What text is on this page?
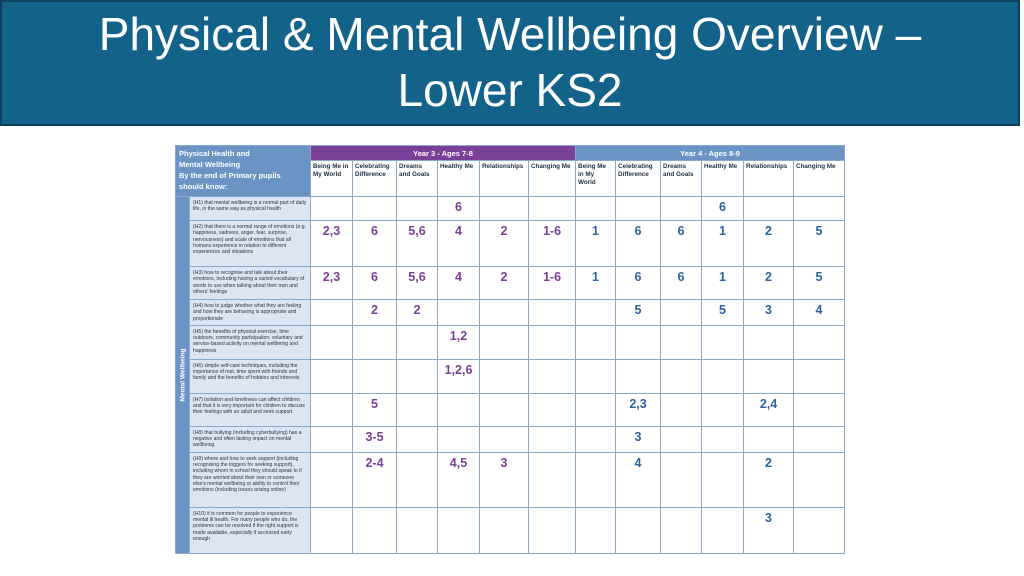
Physical & Mental Wellbeing Overview –
Lower KS2
Physical Health and
Mental Wellbeing
By the end of Primary pupils
should know:		Year 3 - Ages 7-8						Year 4 - Ages 8-9					
		Being Me in My World	Celebrating Difference	Dreams and Goals	Healthy Me	Relationships	Changing Me	Being Me in My World	Celebrating Difference	Dreams and Goals	Healthy Me	Relationships	Changing Me

Mental Wellbeing	(H1) that mental wellbeing is a normal part of daily life, in the same way as physical health				6						6		
	(H2) that there is a normal range of emotions (e.g. happiness, sadness, anger, fear, surprise, nervousness) and scale of emotions that all humans experience in relation to different experiences and situations	2,3	6	5,6	4	2	1-6	1	6	6	1	2	5
	(H3) how to recognise and talk about their emotions, including having a varied vocabulary of words to use when talking about their own and others' feelings	2,3	6	5,6	4	2	1-6	1	6	6	1	2	5
	(H4) how to judge whether what they are feeling and how they are behaving is appropriate and proportionate		2	2					5		5	3	4
	(H5) the benefits of physical exercise, time outdoors, community participation, voluntary and service-based activity on mental wellbeing and happiness				1,2								
	(H6) simple self-care techniques, including the importance of rest, time spent with friends and family and the benefits of hobbies and interests				1,2,6								
	(H7) isolation and loneliness can affect children and that it is very important for children to discuss their feelings with an adult and seek support		5						2,3			2,4	
	(H8) that bullying (including cyberbullying) has a negative and often lasting impact on mental wellbeing		3-5						3				
	(H9) where and how to seek support (including recognising the triggers for seeking support), including whom in school they should speak to if they are worried about their own or someone else's mental wellbeing or ability to control their emotions (including issues arising online)		2-4		4,5	3			4			2	
	(H10) it is common for people to experience mental ill health. For many people who do, the problems can be resolved if the right support is made available, especially if accessed early enough											3	
